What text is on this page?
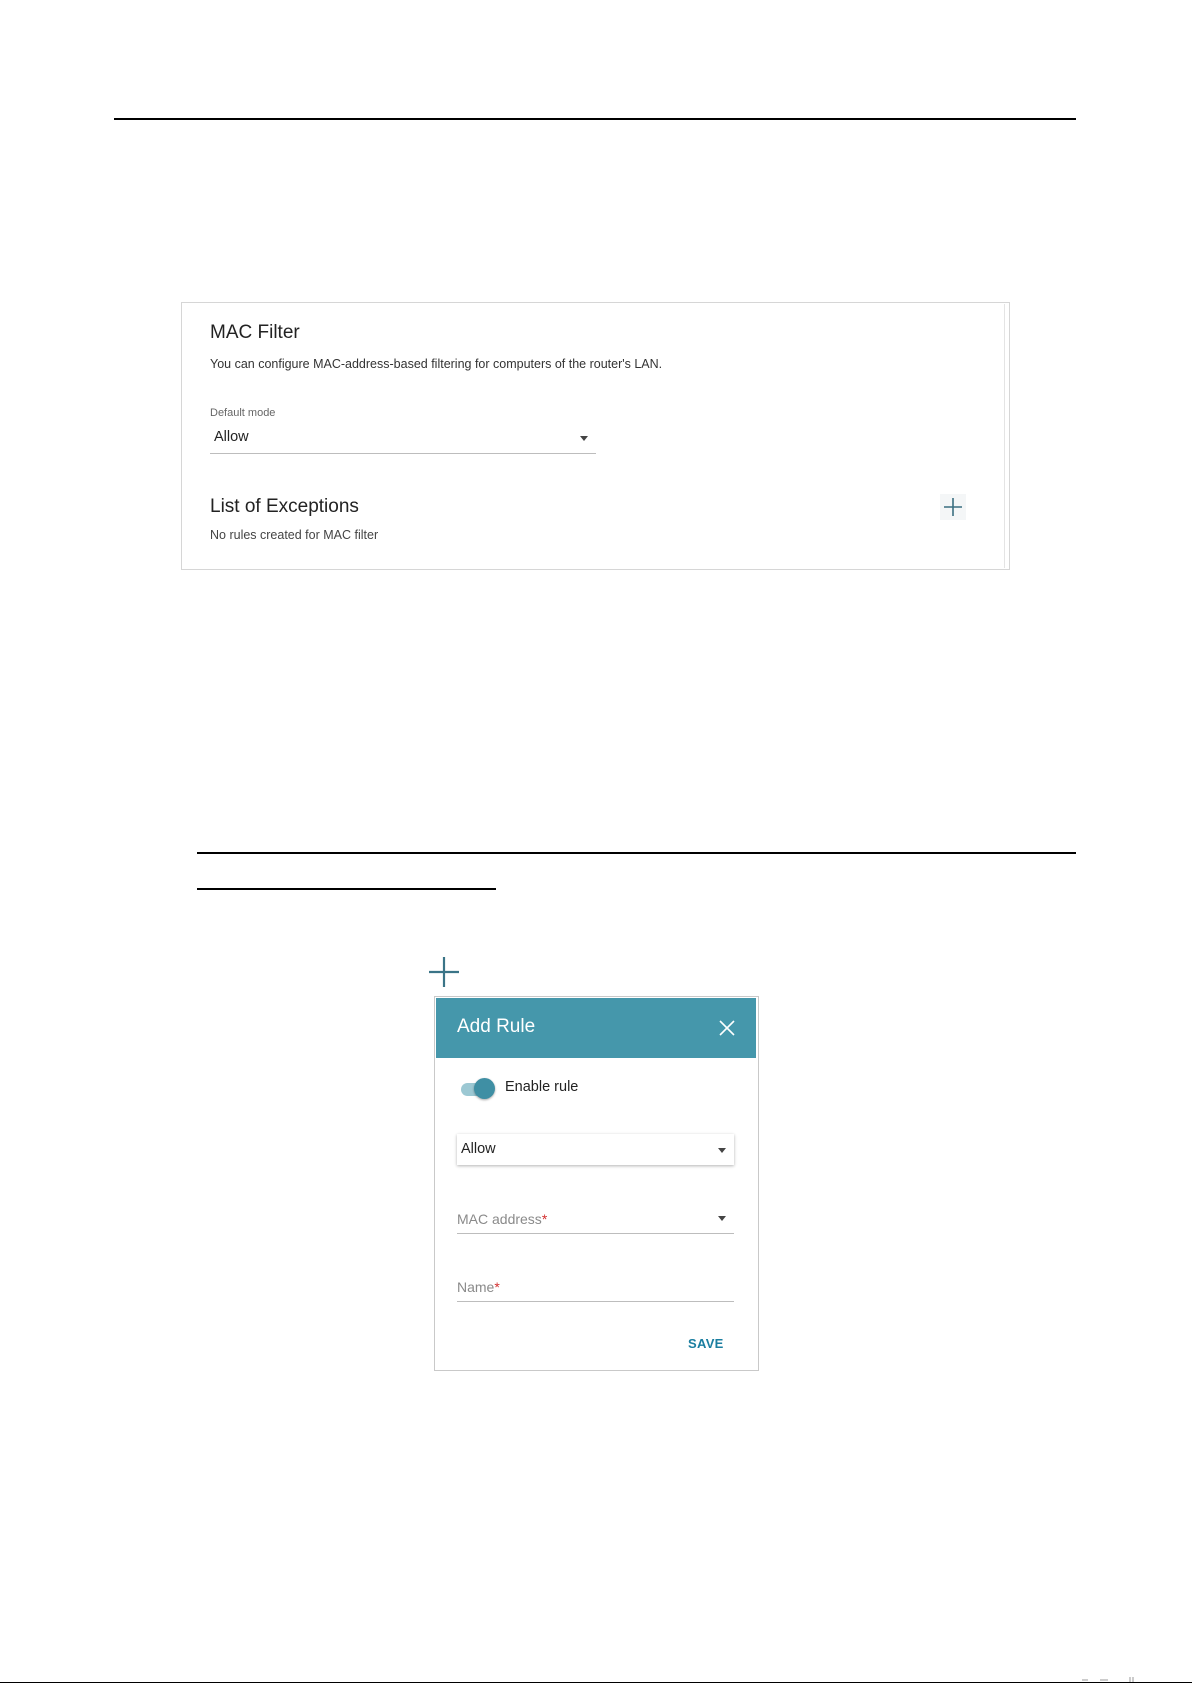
MAC Filter
You can configure MAC-address-based filtering for computers of the router's LAN.
Default mode
Allow
List of Exceptions
No rules created for MAC filter
Add Rule
Enable rule
Allow
MAC address*
Name*
SAVE
